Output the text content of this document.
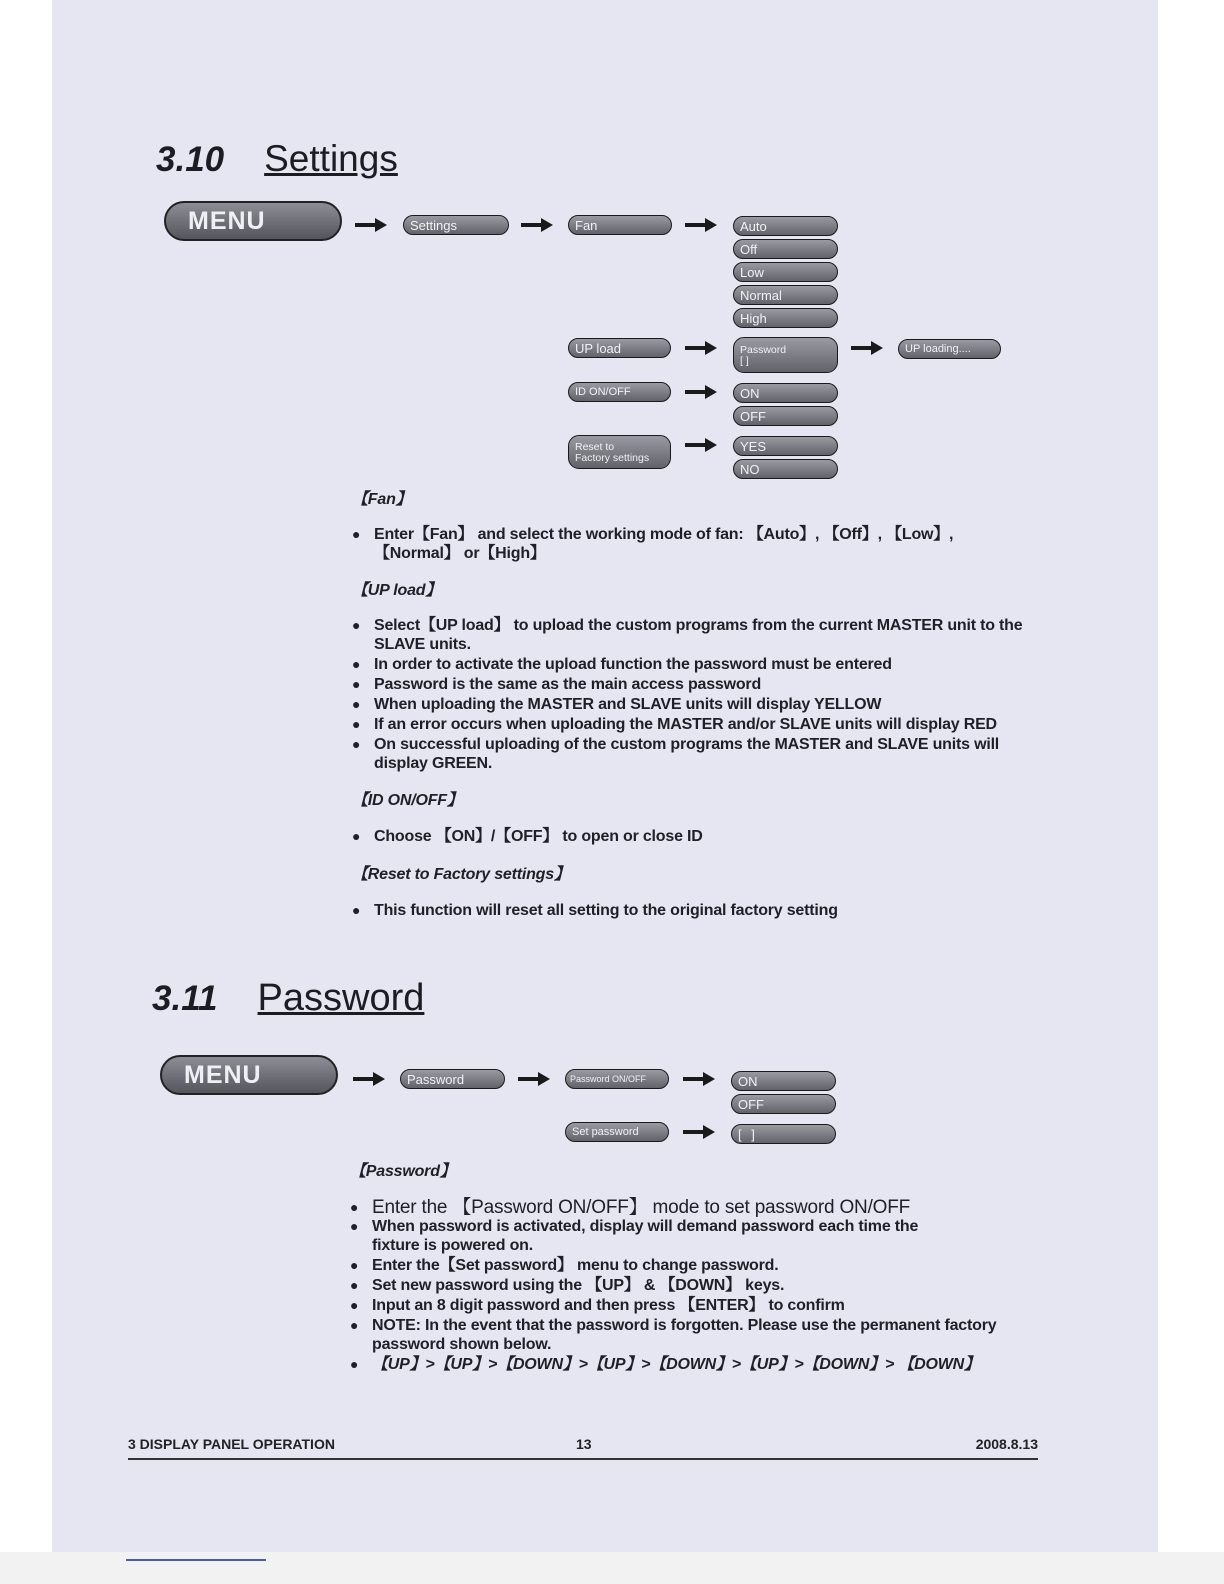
3.10 Settings
MENU	Settings	Fan	Auto
Off
Low
Normal
High
UP load	Password
[ ]
UP loading....
ID ON/OFF	ON
OFF
Reset to
Factory settings
YES
NO
【Fan】
● Enter【Fan】 and select the working mode of fan: 【Auto】, 【Off】, 【Low】,
【Normal】 or【High】
【UP load】
● Select【UP load】 to upload the custom programs from the current MASTER unit to the SLAVE units.
● In order to activate the upload function the password must be entered
● Password is the same as the main access password
● When uploading the MASTER and SLAVE units will display YELLOW
● If an error occurs when uploading the MASTER and/or SLAVE units will display RED
● On successful uploading of the custom programs the MASTER and SLAVE units will display GREEN.
【ID ON/OFF】
● Choose 【ON】/【OFF】 to open or close ID
【Reset to Factory settings】
● This function will reset all setting to the original factory setting
3.11 Password
MENU	Password	Password ON/OFF	ON
OFF
Set password	[ ]
【Password】
● Enter the 【Password ON/OFF】 mode to set password ON/OFF
● When password is activated, display will demand password each time the fixture is powered on.
● Enter the【Set password】 menu to change password.
● Set new password using the 【UP】 & 【DOWN】 keys.
● Input an 8 digit password and then press 【ENTER】 to confirm
● NOTE: In the event that the password is forgotten. Please use the permanent factory password shown below.
● 【UP】>【UP】>【DOWN】>【UP】>【DOWN】>【UP】>【DOWN】> 【DOWN】
3 DISPLAY PANEL OPERATION	13	2008.8.13
